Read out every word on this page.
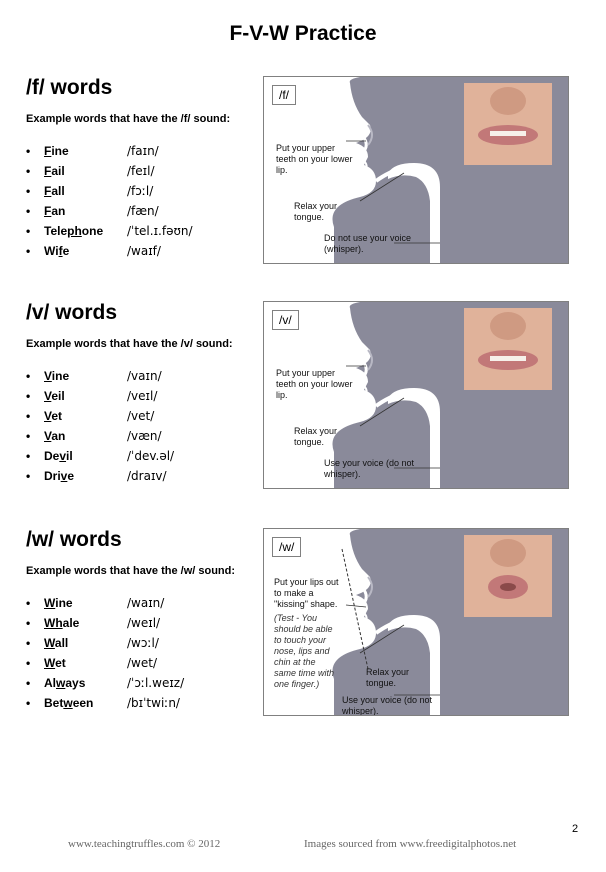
F-V-W Practice
/f/ words
Example words that have the /f/ sound:
• Fine	/faɪn/
• Fail	/feɪl/
• Fall	/fɔːl/
• Fan	/fæn/
• Telephone /ˈtel.ɪ.fəʊn/
• Wife	/waɪf/
/f/
Put your upper teeth on your lower lip.
Relax your tongue.
Do not use your voice (whisper).
/v/ words
Example words that have the /v/ sound:
• Vine	/vaɪn/
• Veil	/veɪl/
• Vet	/vet/
• Van	/væn/
• Devil	/ˈdev.əl/
• Drive	/draɪv/
/v/
Put your upper teeth on your lower lip.
Relax your tongue.
Use your voice (do not whisper).
/w/ words
Example words that have the /w/ sound:
• Wine	/waɪn/
• Whale	/weɪl/
• Wall	/wɔːl/
• Wet	/wet/
• Always	/ˈɔːl.weɪz/
• Between	/bɪˈtwiːn/
/w/
Put your lips out to make a "kissing" shape.
(Test - You should be able to touch your nose, lips and chin at the same time with one finger.)
Relax your tongue.
Use your voice (do not whisper).
www.teachingtruffles.com © 2012	Images sourced from www.freedigitalphotos.net
2
